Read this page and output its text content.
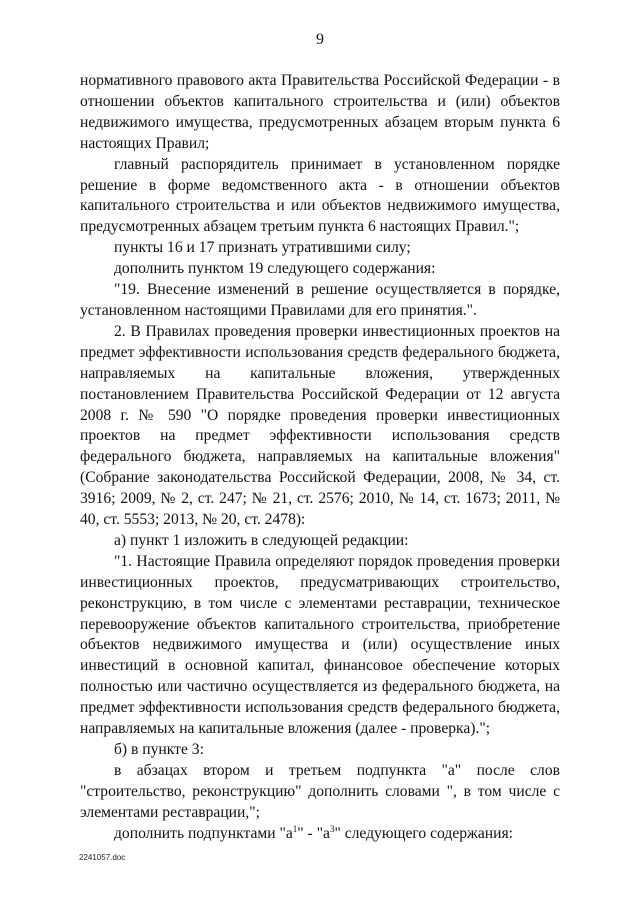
9

нормативного правового акта Правительства Российской Федерации - в отношении объектов капитального строительства и (или) объектов недвижимого имущества, предусмотренных абзацем вторым пункта 6 настоящих Правил;

главный распорядитель принимает в установленном порядке решение в форме ведомственного акта - в отношении объектов капитального строительства и или объектов недвижимого имущества, предусмотренных абзацем третьим пункта 6 настоящих Правил.";

пункты 16 и 17 признать утратившими силу;

дополнить пунктом 19 следующего содержания:

"19. Внесение изменений в решение осуществляется в порядке, установленном настоящими Правилами для его принятия.".

2. В Правилах проведения проверки инвестиционных проектов на предмет эффективности использования средств федерального бюджета, направляемых на капитальные вложения, утвержденных постановлением Правительства Российской Федерации от 12 августа 2008 г. № 590 "О порядке проведения проверки инвестиционных проектов на предмет эффективности использования средств федерального бюджета, направляемых на капитальные вложения" (Собрание законодательства Российской Федерации, 2008, № 34, ст. 3916; 2009, № 2, ст. 247; № 21, ст. 2576; 2010, № 14, ст. 1673; 2011, № 40, ст. 5553; 2013, № 20, ст. 2478):

а) пункт 1 изложить в следующей редакции:

"1. Настоящие Правила определяют порядок проведения проверки инвестиционных проектов, предусматривающих строительство, реконструкцию, в том числе с элементами реставрации, техническое перевооружение объектов капитального строительства, приобретение объектов недвижимого имущества и (или) осуществление иных инвестиций в основной капитал, финансовое обеспечение которых полностью или частично осуществляется из федерального бюджета, на предмет эффективности использования средств федерального бюджета, направляемых на капитальные вложения (далее - проверка).";

б) в пункте 3:

в абзацах втором и третьем подпункта "а" после слов "строительство, реконструкцию" дополнить словами ", в том числе с элементами реставрации,";

дополнить подпунктами "$а^1$" - "$а^3$" следующего содержания:

2241057.doc
